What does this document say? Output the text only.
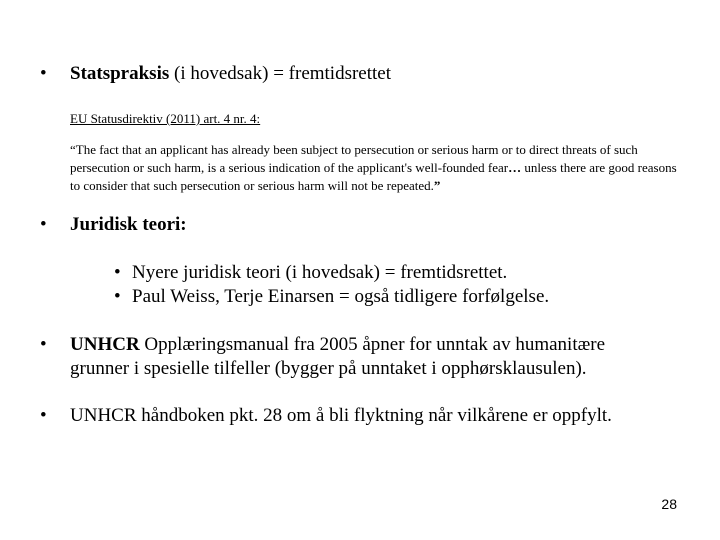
• Statspraksis (i hovedsak) = fremtidsrettet
EU Statusdirektiv (2011) art. 4 nr. 4:
“The fact that an applicant has already been subject to persecution or serious harm or to direct threats of such persecution or such harm, is a serious indication of the applicant's well-founded fear… unless there are good reasons to consider that such persecution or serious harm will not be repeated.”
• Juridisk teori:
• Nyere juridisk teori (i hovedsak) = fremtidsrettet.
• Paul Weiss, Terje Einarsen = også tidligere forfølgelse.
• UNHCR Opplæringsmanual fra 2005 åpner for unntak av humanitære
grunner i spesielle tilfeller (bygger på unntaket i opphørsklausulen).
• UNHCR håndboken pkt. 28 om å bli flyktning når vilkårene er oppfylt.
28
